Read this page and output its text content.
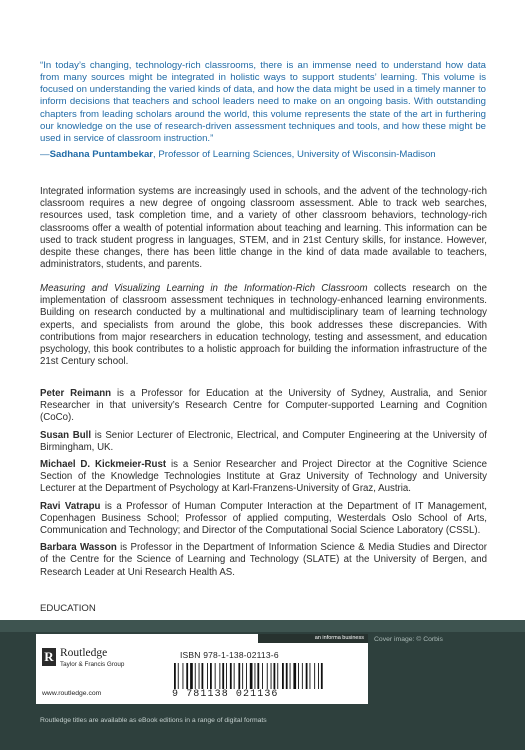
“In today’s changing, technology-rich classrooms, there is an immense need to understand how data from many sources might be integrated in holistic ways to support students’ learning. This volume is focused on understanding the varied kinds of data, and how the data might be used in a timely manner to inform decisions that teachers and school leaders need to make on an ongoing basis. With outstanding chapters from leading scholars around the world, this volume represents the state of the art in furthering our knowledge on the use of research-driven assessment techniques and tools, and how these might be used in service of classroom instruction.”

—Sadhana Puntambekar, Professor of Learning Sciences, University of Wisconsin-Madison

Integrated information systems are increasingly used in schools, and the advent of the technology-rich classroom requires a new degree of ongoing classroom assessment. Able to track web searches, resources used, task completion time, and a variety of other classroom behaviors, technology-rich classrooms offer a wealth of potential information about teaching and learning. This information can be used to track student progress in languages, STEM, and in 21st Century skills, for instance. However, despite these changes, there has been little change in the kind of data made available to teachers, administrators, students, and parents.

Measuring and Visualizing Learning in the Information-Rich Classroom collects research on the implementation of classroom assessment techniques in technology-enhanced learning environments. Building on research conducted by a multinational and multidisciplinary team of learning technology experts, and specialists from around the globe, this book addresses these discrepancies. With contributions from major researchers in education technology, testing and assessment, and education psychology, this book contributes to a holistic approach for building the information infrastructure of the 21st Century school.

Peter Reimann is a Professor for Education at the University of Sydney, Australia, and Senior Researcher in that university’s Research Centre for Computer-supported Learning and Cognition (CoCo).

Susan Bull is Senior Lecturer of Electronic, Electrical, and Computer Engineering at the University of Birmingham, UK.

Michael D. Kickmeier-Rust is a Senior Researcher and Project Director at the Cognitive Science Section of the Knowledge Technologies Institute at Graz University of Technology and University Lecturer at the Department of Psychology at Karl-Franzens-University of Graz, Austria.

Ravi Vatrapu is a Professor of Human Computer Interaction at the Department of IT Management, Copenhagen Business School; Professor of applied computing, Westerdals Oslo School of Arts, Communication and Technology; and Director of the Computational Social Science Laboratory (CSSL).

Barbara Wasson is Professor in the Department of Information Science & Media Studies and Director of the Centre for the Science of Learning and Technology (SLATE) at the University of Bergen, and Research Leader at Uni Research Health AS.

EDUCATION
an informa business
R Routledge
Taylor & Francis Group
www.routledge.com
ISBN 978-1-138-02113-6
9 781138 021136
Cover image: © Corbis
Routledge titles are available as eBook editions in a range of digital formats
